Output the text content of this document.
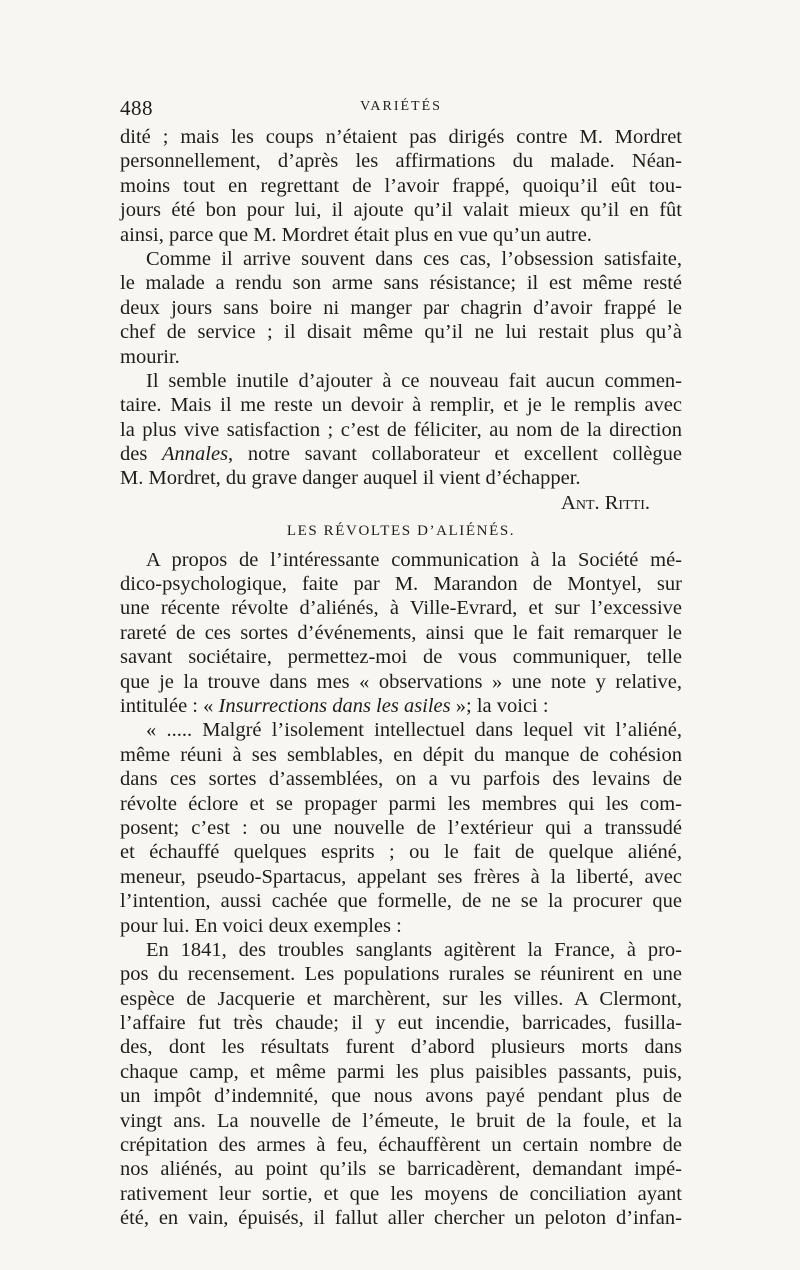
488	VARIÉTÉS
dité ; mais les coups n’étaient pas dirigés contre M. Mordret
personnellement, d’après les affirmations du malade. Néan-
moins tout en regrettant de l’avoir frappé, quoiqu’il eût tou-
jours été bon pour lui, il ajoute qu’il valait mieux qu’il en fût
ainsi, parce que M. Mordret était plus en vue qu’un autre.
Comme il arrive souvent dans ces cas, l’obsession satisfaite,
le malade a rendu son arme sans résistance; il est même resté
deux jours sans boire ni manger par chagrin d’avoir frappé le
chef de service ; il disait même qu’il ne lui restait plus qu’à
mourir.
Il semble inutile d’ajouter à ce nouveau fait aucun commen-
taire. Mais il me reste un devoir à remplir, et je le remplis avec
la plus vive satisfaction ; c’est de féliciter, au nom de la direction
des Annales, notre savant collaborateur et excellent collègue
M. Mordret, du grave danger auquel il vient d’échapper.
Ant. Ritti.
LES RÉVOLTES D’ALIÉNÉS.
A propos de l’intéressante communication à la Société mé-
dico-psychologique, faite par M. Marandon de Montyel, sur
une récente révolte d’aliénés, à Ville-Evrard, et sur l’excessive
rareté de ces sortes d’événements, ainsi que le fait remarquer le
savant sociétaire, permettez-moi de vous communiquer, telle
que je la trouve dans mes « observations » une note y relative,
intitulée : « Insurrections dans les asiles »; la voici :
« ..... Malgré l’isolement intellectuel dans lequel vit l’aliéné,
même réuni à ses semblables, en dépit du manque de cohésion
dans ces sortes d’assemblées, on a vu parfois des levains de
révolte éclore et se propager parmi les membres qui les com-
posent; c’est : ou une nouvelle de l’extérieur qui a transsudé
et échauffé quelques esprits ; ou le fait de quelque aliéné,
meneur, pseudo-Spartacus, appelant ses frères à la liberté, avec
l’intention, aussi cachée que formelle, de ne se la procurer que
pour lui. En voici deux exemples :
En 1841, des troubles sanglants agitèrent la France, à pro-
pos du recensement. Les populations rurales se réunirent en une
espèce de Jacquerie et marchèrent, sur les villes. A Clermont,
l’affaire fut très chaude; il y eut incendie, barricades, fusilla-
des, dont les résultats furent d’abord plusieurs morts dans
chaque camp, et même parmi les plus paisibles passants, puis,
un impôt d’indemnité, que nous avons payé pendant plus de
vingt ans. La nouvelle de l’émeute, le bruit de la foule, et la
crépitation des armes à feu, échauffèrent un certain nombre de
nos aliénés, au point qu’ils se barricadèrent, demandant impé-
rativement leur sortie, et que les moyens de conciliation ayant
été, en vain, épuisés, il fallut aller chercher un peloton d’infan-
